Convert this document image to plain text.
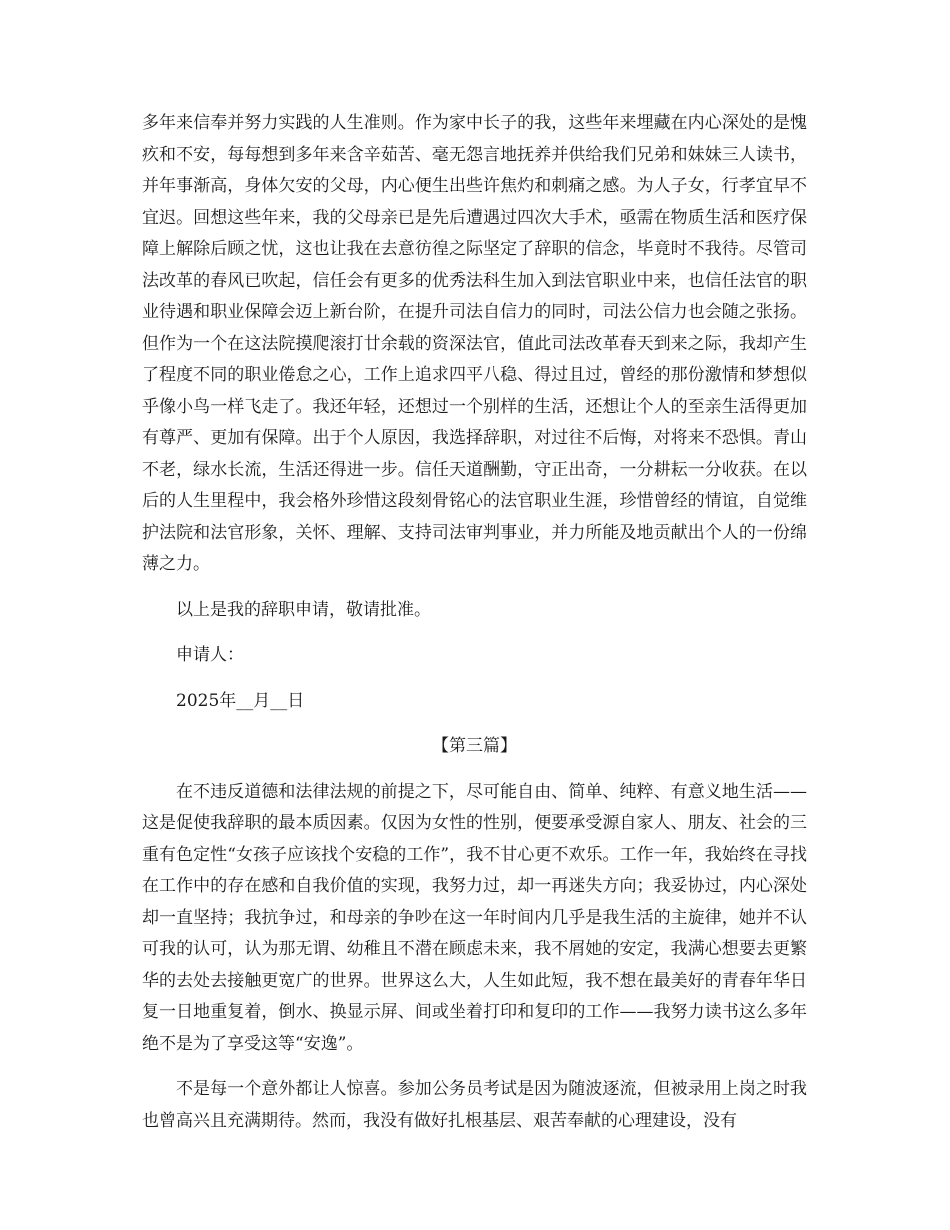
多年来信奉并努力实践的人生准则。作为家中长子的我，这些年来埋藏在内心深处的是愧疚和不安，每每想到多年来含辛茹苦、毫无怨言地抚养并供给我们兄弟和妹妹三人读书，并年事渐高，身体欠安的父母，内心便生出些许焦灼和刺痛之感。为人子女，行孝宜早不宜迟。回想这些年来，我的父母亲已是先后遭遇过四次大手术，亟需在物质生活和医疗保障上解除后顾之忧，这也让我在去意彷徨之际坚定了辞职的信念，毕竟时不我待。尽管司法改革的春风已吹起，信任会有更多的优秀法科生加入到法官职业中来，也信任法官的职业待遇和职业保障会迈上新台阶，在提升司法自信力的同时，司法公信力也会随之张扬。但作为一个在这法院摸爬滚打廿余载的资深法官，值此司法改革春天到来之际，我却产生了程度不同的职业倦怠之心，工作上追求四平八稳、得过且过，曾经的那份激情和梦想似乎像小鸟一样飞走了。我还年轻，还想过一个别样的生活，还想让个人的至亲生活得更加有尊严、更加有保障。出于个人原因，我选择辞职，对过往不后悔，对将来不恐惧。青山不老，绿水长流，生活还得进一步。信任天道酬勤，守正出奇，一分耕耘一分收获。在以后的人生里程中，我会格外珍惜这段刻骨铭心的法官职业生涯，珍惜曾经的情谊，自觉维护法院和法官形象，关怀、理解、支持司法审判事业，并力所能及地贡献出个人的一份绵薄之力。

以上是我的辞职申请，敬请批准。

申请人：

2025年__月__日

【第三篇】

在不违反道德和法律法规的前提之下，尽可能自由、简单、纯粹、有意义地生活——这是促使我辞职的最本质因素。仅因为女性的性别，便要承受源自家人、朋友、社会的三重有色定性“女孩子应该找个安稳的工作”，我不甘心更不欢乐。工作一年，我始终在寻找在工作中的存在感和自我价值的实现，我努力过，却一再迷失方向；我妥协过，内心深处却一直坚持；我抗争过，和母亲的争吵在这一年时间内几乎是我生活的主旋律，她并不认可我的认可，认为那无谓、幼稚且不潜在顾虑未来，我不屑她的安定，我满心想要去更繁华的去处去接触更宽广的世界。世界这么大，人生如此短，我不想在最美好的青春年华日复一日地重复着，倒水、换显示屏、间或坐着打印和复印的工作——我努力读书这么多年绝不是为了享受这等“安逸”。

不是每一个意外都让人惊喜。参加公务员考试是因为随波逐流，但被录用上岗之时我也曾高兴且充满期待。然而，我没有做好扎根基层、艰苦奉献的心理建设，没有
